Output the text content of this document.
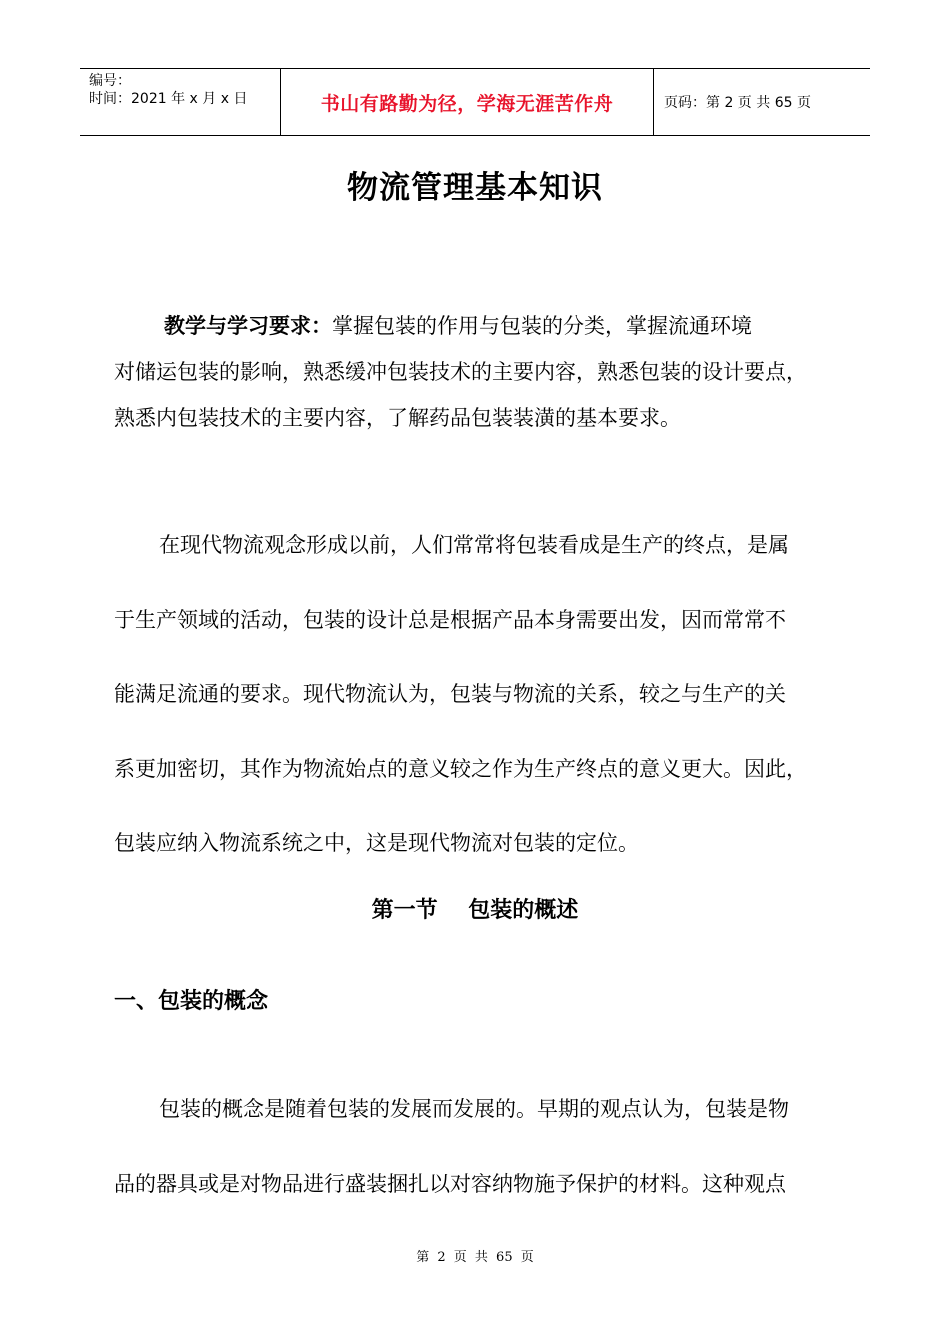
编号：
时间：2021 年 x 月 x 日	书山有路勤为径，学海无涯苦作舟	页码：第 2 页 共 65 页
物流管理基本知识
教学与学习要求：掌握包装的作用与包装的分类，掌握流通环境
对储运包装的影响，熟悉缓冲包装技术的主要内容，熟悉包装的设计要点，
熟悉内包装技术的主要内容，了解药品包装装潢的基本要求。
在现代物流观念形成以前，人们常常将包装看成是生产的终点，是属
于生产领域的活动，包装的设计总是根据产品本身需要出发，因而常常不
能满足流通的要求。现代物流认为，包装与物流的关系，较之与生产的关
系更加密切，其作为物流始点的意义较之作为生产终点的意义更大。因此，
包装应纳入物流系统之中，这是现代物流对包装的定位。
第一节    包装的概述
一、包装的概念
包装的概念是随着包装的发展而发展的。早期的观点认为，包装是物
品的器具或是对物品进行盛装捆扎以对容纳物施予保护的材料。这种观点
第 2 页 共 65 页
